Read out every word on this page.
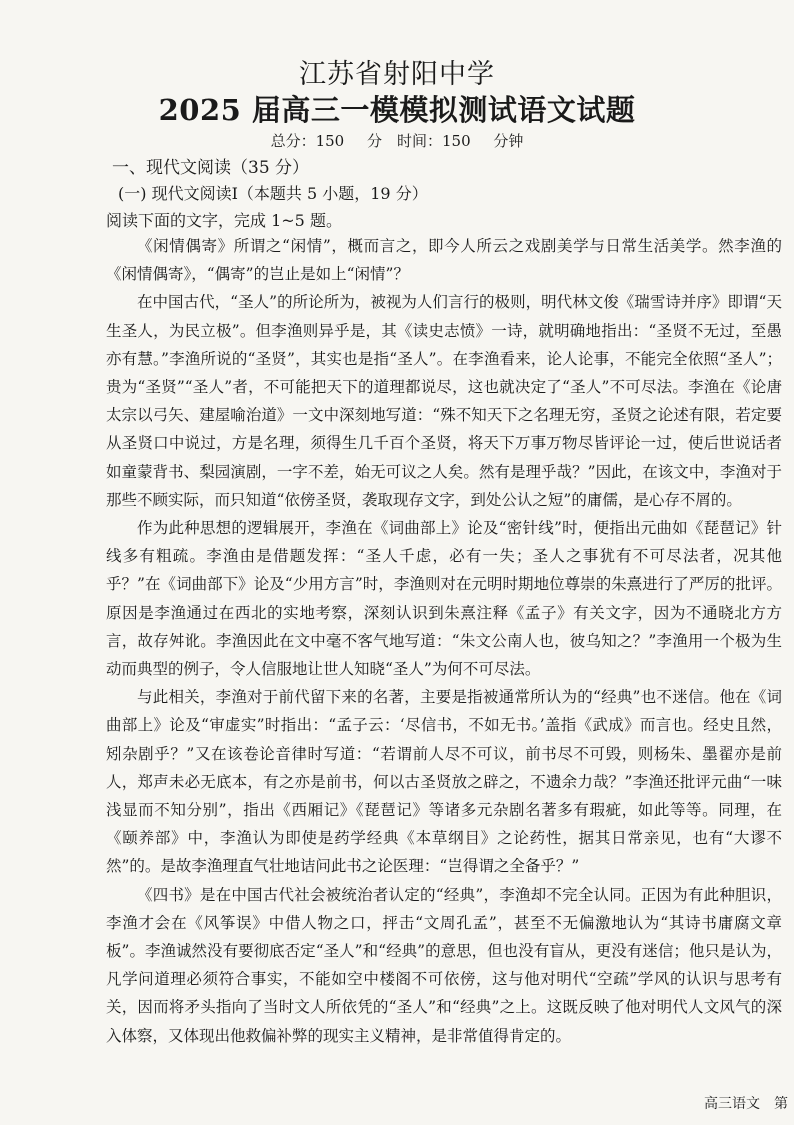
江苏省射阳中学
2025 届高三一模模拟测试语文试题
总分：150 分　时间：150 分钟
一、现代文阅读（35 分）
(一) 现代文阅读Ⅰ（本题共 5 小题，19 分）
阅读下面的文字，完成 1~5 题。

《闲情偶寄》所谓之“闲情”，概而言之，即今人所云之戏剧美学与日常生活美学。然李渔的《闲情偶寄》，“偶寄”的岂止是如上“闲情”？

在中国古代，“圣人”的所论所为，被视为人们言行的极则，明代林文俊《瑞雪诗并序》即谓“天生圣人，为民立极”。但李渔则异乎是，其《读史志愤》一诗，就明确地指出：“圣贤不无过，至愚亦有慧。”李渔所说的“圣贤”，其实也是指“圣人”。在李渔看来，论人论事，不能完全依照“圣人”；贵为“圣贤”“圣人”者，不可能把天下的道理都说尽，这也就决定了“圣人”不可尽法。李渔在《论唐太宗以弓矢、建屋喻治道》一文中深刻地写道：“殊不知天下之名理无穷，圣贤之论述有限，若定要从圣贤口中说过，方是名理，须得生几千百个圣贤，将天下万事万物尽皆评论一过，使后世说话者如童蒙背书、梨园演剧，一字不差，始无可议之人矣。然有是理乎哉？”因此，在该文中，李渔对于那些不顾实际，而只知道“依傍圣贤，袭取现存文字，到处公认之短”的庸儒，是心存不屑的。

作为此种思想的逻辑展开，李渔在《词曲部上》论及“密针线”时，便指出元曲如《琵琶记》针线多有粗疏。李渔由是借题发挥：“圣人千虑，必有一失；圣人之事犹有不可尽法者，况其他乎？”在《词曲部下》论及“少用方言”时，李渔则对在元明时期地位尊崇的朱熹进行了严厉的批评。原因是李渔通过在西北的实地考察，深刻认识到朱熹注释《孟子》有关文字，因为不通晓北方方言，故存舛讹。李渔因此在文中毫不客气地写道：“朱文公南人也，彼乌知之？”李渔用一个极为生动而典型的例子，令人信服地让世人知晓“圣人”为何不可尽法。

与此相关，李渔对于前代留下来的名著，主要是指被通常所认为的“经典”也不迷信。他在《词曲部上》论及“审虚实”时指出：“孟子云：‘尽信书，不如无书。’盖指《武成》而言也。经史且然，矧杂剧乎？”又在该卷论音律时写道：“若谓前人尽不可议，前书尽不可毁，则杨朱、墨翟亦是前人，郑声未必无底本，有之亦是前书，何以古圣贤放之辟之，不遗余力哉？”李渔还批评元曲“一味浅显而不知分别”，指出《西厢记》《琵琶记》等诸多元杂剧名著多有瑕疵，如此等等。同理，在《颐养部》中，李渔认为即使是药学经典《本草纲目》之论药性，据其日常亲见，也有“大谬不然”的。是故李渔理直气壮地诘问此书之论医理：“岂得谓之全备乎？”

《四书》是在中国古代社会被统治者认定的“经典”，李渔却不完全认同。正因为有此种胆识，李渔才会在《风筝误》中借人物之口，抨击“文周孔孟”，甚至不无偏激地认为“其诗书庸腐文章板”。李渔诚然没有要彻底否定“圣人”和“经典”的意思，但也没有盲从，更没有迷信；他只是认为，凡学问道理必须符合事实，不能如空中楼阁不可依傍，这与他对明代“空疏”学风的认识与思考有关，因而将矛头指向了当时文人所依凭的“圣人”和“经典”之上。这既反映了他对明代人文风气的深入体察，又体现出他救偏补弊的现实主义精神，是非常值得肯定的。

高三语文　第
